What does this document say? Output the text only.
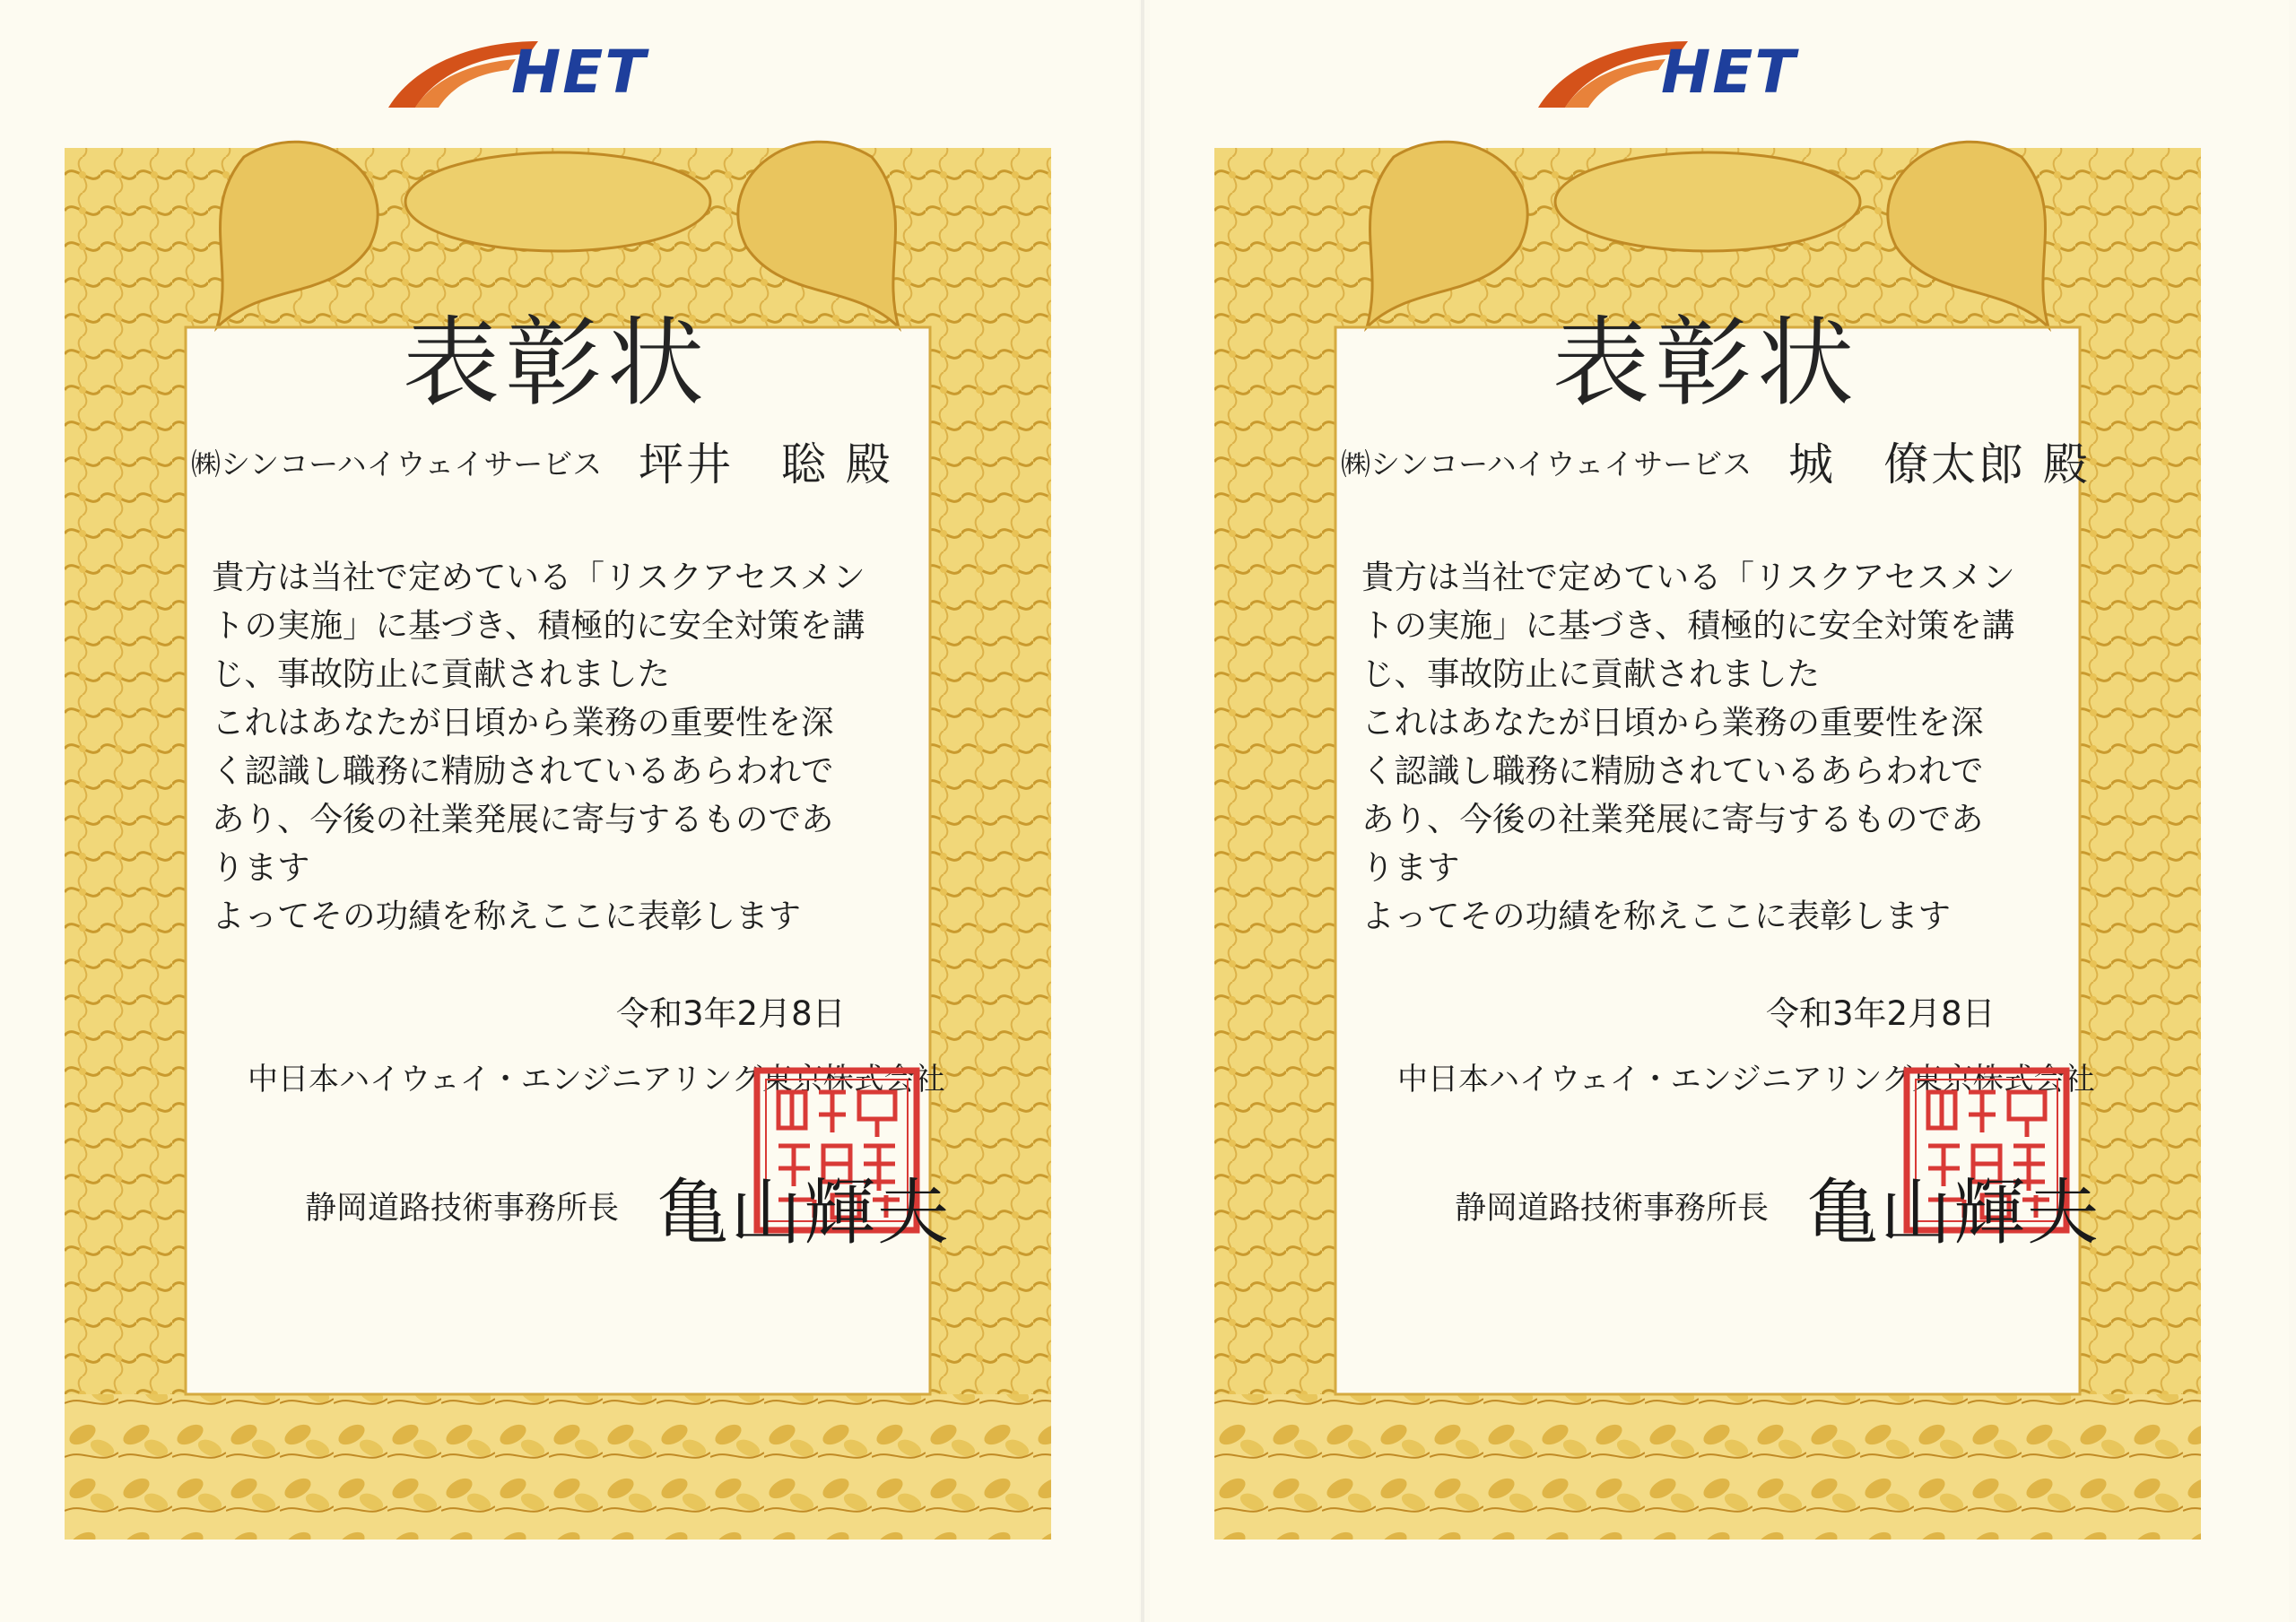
HET
表彰状
㈱シンコーハイウェイサービス 坪井　聡 殿

貴方は当社で定めている「リスクアセスメン

トの実施」に基づき、積極的に安全対策を講

じ、事故防止に貢献されました

これはあなたが日頃から業務の重要性を深

く認識し職務に精励されているあらわれで

あり、今後の社業発展に寄与するものであ

ります

よってその功績を称えここに表彰します

令和3年2月8日
中日本ハイウェイ・エンジニアリング東京株式会社
静岡道路技術事務所長 亀山輝夫
HET
表彰状
㈱シンコーハイウェイサービス 城　僚太郎 殿

貴方は当社で定めている「リスクアセスメン

トの実施」に基づき、積極的に安全対策を講

じ、事故防止に貢献されました

これはあなたが日頃から業務の重要性を深

く認識し職務に精励されているあらわれで

あり、今後の社業発展に寄与するものであ

ります

よってその功績を称えここに表彰します

令和3年2月8日
中日本ハイウェイ・エンジニアリング東京株式会社
静岡道路技術事務所長 亀山輝夫
